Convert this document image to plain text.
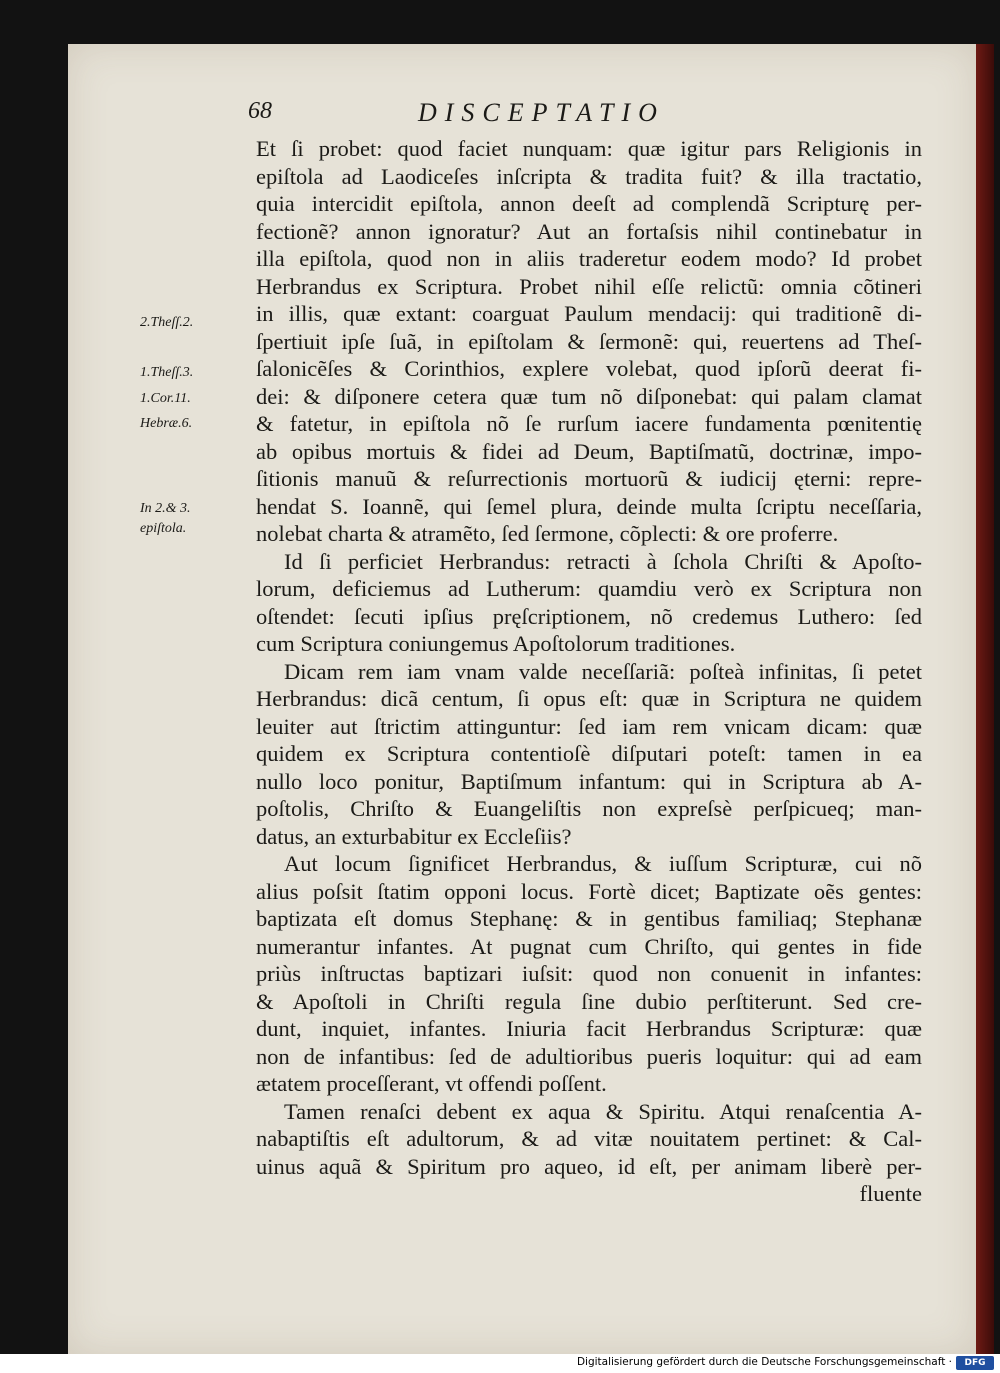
68	DISCEPTATIO
2.Theſſ.2.
1.Theſſ.3.
1.Cor.11.
Hebræ.6.
In 2.& 3.
epiſtola.
Et ſi probet: quod faciet nunquam: quæ igitur pars Religionis in
epiſtola ad Laodiceſes inſcripta & tradita fuit? & illa tractatio,
quia intercidit epiſtola, annon deeſt ad complendã Scripturę per-
fectionẽ? annon ignoratur? Aut an fortaſsis nihil continebatur in
illa epiſtola, quod non in aliis traderetur eodem modo? Id probet
Herbrandus ex Scriptura. Probet nihil eſſe relictũ: omnia cõtineri
in illis, quæ extant: coarguat Paulum mendacij: qui traditionẽ di-
ſpertiuit ipſe ſuã, in epiſtolam & ſermonẽ: qui, reuertens ad Theſ-
ſalonicẽſes & Corinthios, explere volebat, quod ipſorũ deerat fi-
dei: & diſponere cetera quæ tum nõ diſponebat: qui palam clamat
& fatetur, in epiſtola nõ ſe rurſum iacere fundamenta pœnitentię
ab opibus mortuis & fidei ad Deum, Baptiſmatũ, doctrinæ, impo-
ſitionis manuũ & reſurrectionis mortuorũ & iudicij ęterni: repre-
hendat S. Ioannẽ, qui ſemel plura, deinde multa ſcriptu neceſſaria,
nolebat charta & atramẽto, ſed ſermone, cõplecti: & ore proferre.
Id ſi perficiet Herbrandus: retracti à ſchola Chriſti & Apoſto-
lorum, deficiemus ad Lutherum: quamdiu verò ex Scriptura non
oſtendet: ſecuti ipſius pręſcriptionem, nõ credemus Luthero: ſed
cum Scriptura coniungemus Apoſtolorum traditiones.
Dicam rem iam vnam valde neceſſariã: poſteà infinitas, ſi petet
Herbrandus: dicã centum, ſi opus eſt: quæ in Scriptura ne quidem
leuiter aut ſtrictim attinguntur: ſed iam rem vnicam dicam: quæ
quidem ex Scriptura contentioſè diſputari poteſt: tamen in ea
nullo loco ponitur, Baptiſmum infantum: qui in Scriptura ab A-
poſtolis, Chriſto & Euangeliſtis non expreſsè perſpicueq; man-
datus, an exturbabitur ex Eccleſiis?
Aut locum ſignificet Herbrandus, & iuſſum Scripturæ, cui nõ
alius poſsit ſtatim opponi locus. Fortè dicet; Baptizate oẽs gentes:
baptizata eſt domus Stephanę: & in gentibus familiaq; Stephanæ
numerantur infantes. At pugnat cum Chriſto, qui gentes in fide
priùs inſtructas baptizari iuſsit: quod non conuenit in infantes:
& Apoſtoli in Chriſti regula ſine dubio perſtiterunt. Sed cre-
dunt, inquiet, infantes. Iniuria facit Herbrandus Scripturæ: quæ
non de infantibus: ſed de adultioribus pueris loquitur: qui ad eam
ætatem proceſſerant, vt offendi poſſent.
Tamen renaſci debent ex aqua & Spiritu. Atqui renaſcentia A-
nabaptiſtis eſt adultorum, & ad vitæ nouitatem pertinet: & Cal-
uinus aquã & Spiritum pro aqueo, id eſt, per animam liberè per-
fluente
Digitalisierung gefördert durch die Deutsche Forschungsgemeinschaft ·	DFG
